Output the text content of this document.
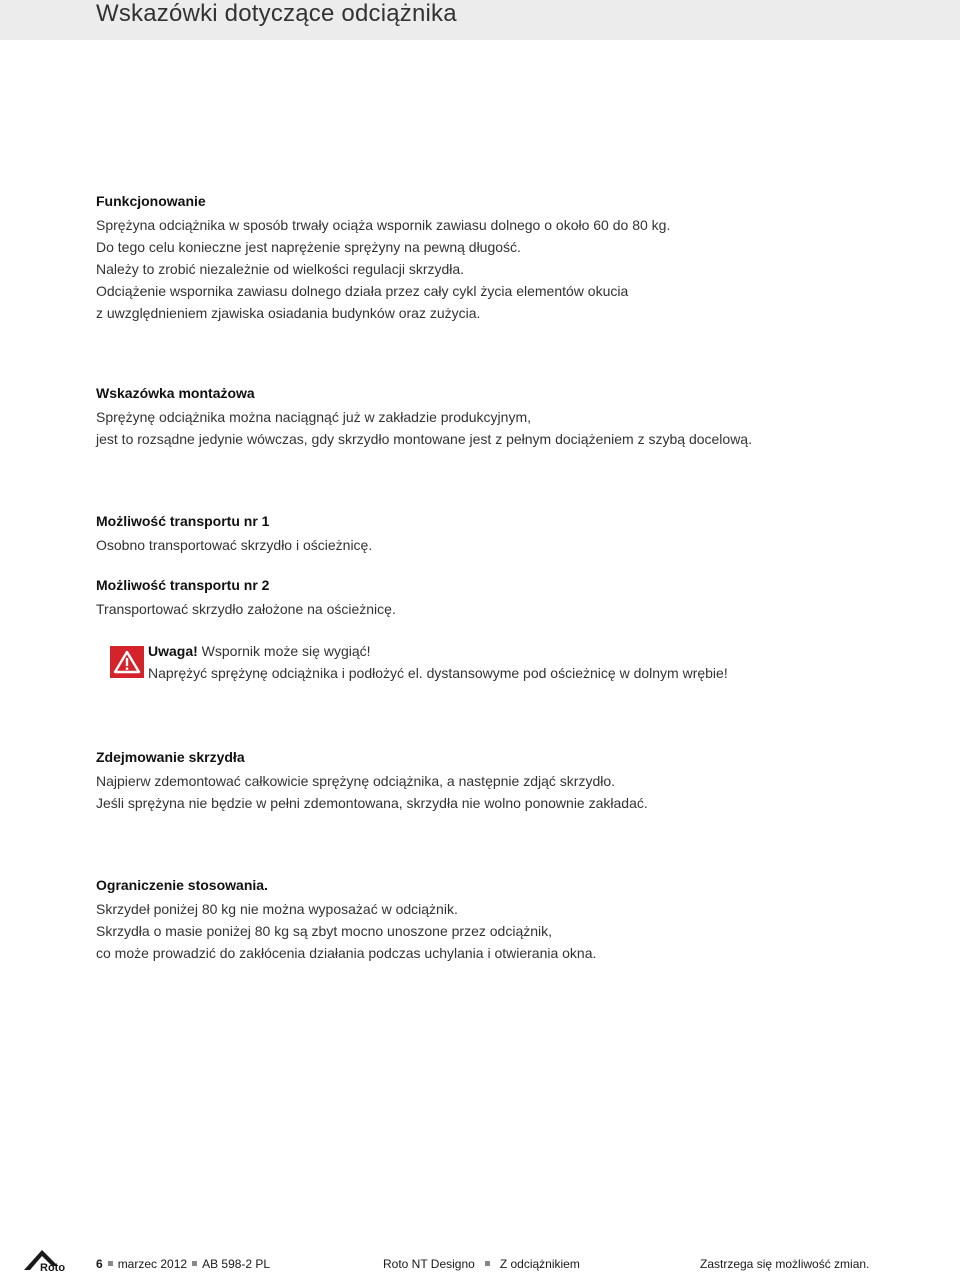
Wskazówki dotyczące odciążnika
Funkcjonowanie

Sprężyna odciążnika w sposób trwały ociąża wspornik zawiasu dolnego o około 60 do 80 kg.

Do tego celu konieczne jest naprężenie sprężyny na pewną długość.

Należy to zrobić niezależnie od wielkości regulacji skrzydła.

Odciążenie wspornika zawiasu dolnego działa przez cały cykl życia elementów okucia

z uwzględnieniem zjawiska osiadania budynków oraz zużycia.

Wskazówka montażowa

Sprężynę odciążnika można naciągnąć już w zakładzie produkcyjnym,

jest to rozsądne jedynie wówczas, gdy skrzydło montowane jest z pełnym dociążeniem z szybą docelową.

Możliwość transportu nr 1

Osobno transportować skrzydło i ościeżnicę.

Możliwość transportu nr 2

Transportować skrzydło założone na ościeżnicę.

Uwaga! Wspornik może się wygiąć!

Naprężyć sprężynę odciążnika i podłożyć el. dystansowyme pod ościeżnicę w dolnym wrębie!

Zdejmowanie skrzydła

Najpierw zdemontować całkowicie sprężynę odciążnika, a następnie zdjąć skrzydło.

Jeśli sprężyna nie będzie w pełni zdemontowana, skrzydła nie wolno ponownie zakładać.

Ograniczenie stosowania.

Skrzydeł poniżej 80 kg nie można wyposażać w odciążnik.

Skrzydła o masie poniżej 80 kg są zbyt mocno unoszone przez odciążnik,

co może prowadzić do zakłócenia działania podczas uchylania i otwierania okna.

Roto	6 marzec 2012 AB 598-2 PL	Roto NT Designo Z odciążnikiem	Zastrzega się możliwość zmian.
